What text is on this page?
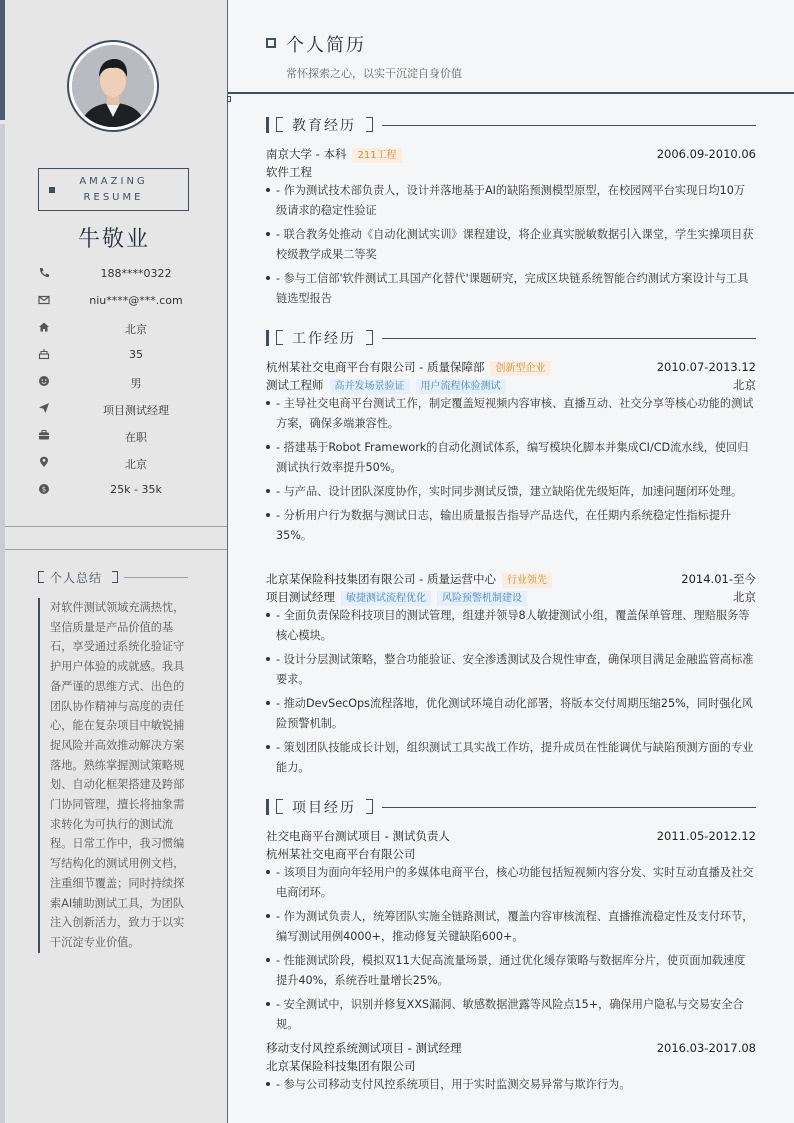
AMAZING
RESUME
牛敬业
188****0322
niu****@***.com
北京
35
男
项目测试经理
在职
北京
$	25k - 35k
个人总结
对软件测试领域充满热忱，坚信质量是产品价值的基石，享受通过系统化验证守护用户体验的成就感。我具备严谨的思维方式、出色的团队协作精神与高度的责任心，能在复杂项目中敏锐捕捉风险并高效推动解决方案落地。熟练掌握测试策略规划、自动化框架搭建及跨部门协同管理，擅长将抽象需求转化为可执行的测试流程。日常工作中，我习惯编写结构化的测试用例文档，注重细节覆盖；同时持续探索AI辅助测试工具，为团队注入创新活力，致力于以实干沉淀专业价值。
个人简历
常怀探索之心，以实干沉淀自身价值
教育经历
南京大学 - 本科 211工程	2006.09-2010.06
软件工程
- 作为测试技术部负责人，设计并落地基于AI的缺陷预测模型原型，在校园网平台实现日均10万级请求的稳定性验证
- 联合教务处推动《自动化测试实训》课程建设，将企业真实脱敏数据引入课堂，学生实操项目获校级教学成果二等奖
- 参与工信部'软件测试工具国产化替代'课题研究，完成区块链系统智能合约测试方案设计与工具链选型报告
工作经历
杭州某社交电商平台有限公司 - 质量保障部 创新型企业	2010.07-2013.12
测试工程师 高并发场景验证 用户流程体验测试	北京
- 主导社交电商平台测试工作，制定覆盖短视频内容审核、直播互动、社交分享等核心功能的测试方案，确保多端兼容性。
- 搭建基于Robot Framework的自动化测试体系，编写模块化脚本并集成CI/CD流水线，使回归测试执行效率提升50%。
- 与产品、设计团队深度协作，实时同步测试反馈，建立缺陷优先级矩阵，加速问题闭环处理。
- 分析用户行为数据与测试日志，输出质量报告指导产品迭代，在任期内系统稳定性指标提升35%。
北京某保险科技集团有限公司 - 质量运营中心 行业领先	2014.01-至今
项目测试经理 敏捷测试流程优化 风险预警机制建设	北京
- 全面负责保险科技项目的测试管理，组建并领导8人敏捷测试小组，覆盖保单管理、理赔服务等核心模块。
- 设计分层测试策略，整合功能验证、安全渗透测试及合规性审查，确保项目满足金融监管高标准要求。
- 推动DevSecOps流程落地，优化测试环境自动化部署，将版本交付周期压缩25%，同时强化风险预警机制。
- 策划团队技能成长计划，组织测试工具实战工作坊，提升成员在性能调优与缺陷预测方面的专业能力。
项目经历
社交电商平台测试项目 - 测试负责人	2011.05-2012.12
杭州某社交电商平台有限公司
- 该项目为面向年轻用户的多媒体电商平台，核心功能包括短视频内容分发、实时互动直播及社交电商闭环。
- 作为测试负责人，统筹团队实施全链路测试，覆盖内容审核流程、直播推流稳定性及支付环节，编写测试用例4000+，推动修复关键缺陷600+。
- 性能测试阶段，模拟双11大促高流量场景，通过优化缓存策略与数据库分片，使页面加载速度提升40%，系统吞吐量增长25%。
- 安全测试中，识别并修复XXS漏洞、敏感数据泄露等风险点15+，确保用户隐私与交易安全合规。
移动支付风控系统测试项目 - 测试经理	2016.03-2017.08
北京某保险科技集团有限公司
- 参与公司移动支付风控系统项目，用于实时监测交易异常与欺诈行为。
